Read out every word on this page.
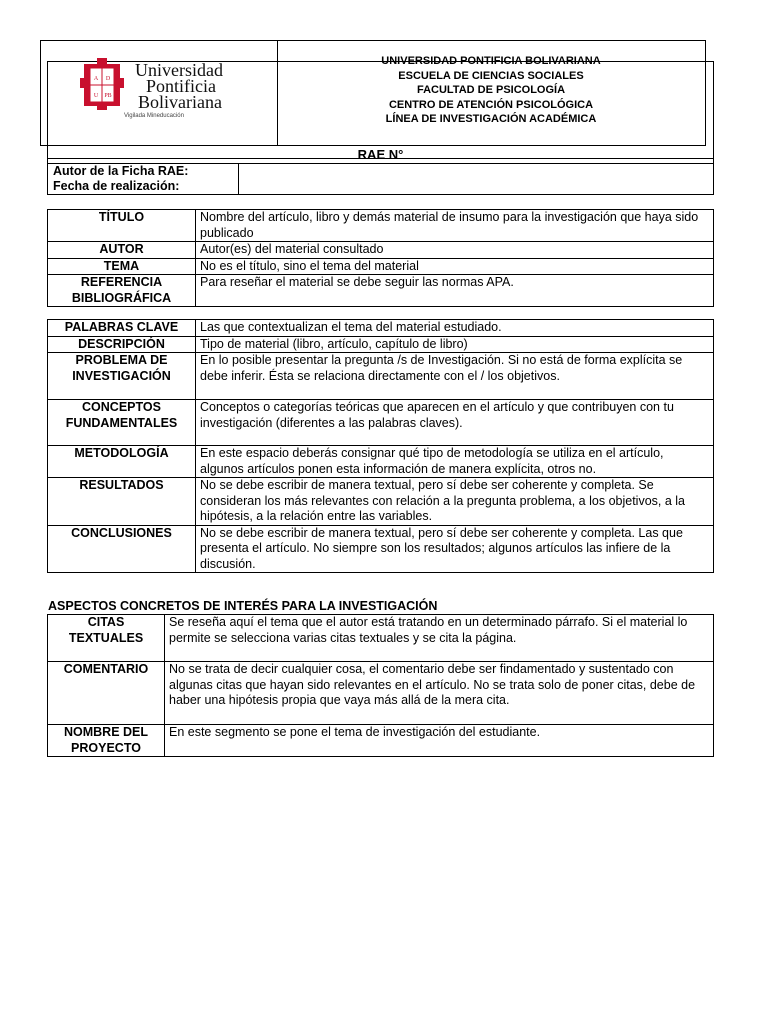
A D
U PB
Universidad
Pontificia
Bolivariana
Vigilada Mineducación
UNIVERSIDAD PONTIFICIA BOLIVARIANA
ESCUELA DE CIENCIAS SOCIALES
FACULTAD DE PSICOLOGÍA
CENTRO DE ATENCIÓN PSICOLÓGICA
LÍNEA DE INVESTIGACIÓN ACADÉMICA
RAE N°
Autor de la Ficha RAE:
Fecha de realización:

TÍTULO	Nombre del artículo, libro y demás material de insumo para la investigación que haya sido publicado
AUTOR	Autor(es) del material consultado
TEMA	No es el título, sino el tema del material
REFERENCIA BIBLIOGRÁFICA	Para reseñar el material se debe seguir las normas APA.
PALABRAS CLAVE	Las que contextualizan el tema del material estudiado.
DESCRIPCIÓN	Tipo de material (libro, artículo, capítulo de libro)
PROBLEMA DE INVESTIGACIÓN	En lo posible presentar la pregunta /s de Investigación. Si no está de forma explícita se debe inferir. Ésta se relaciona directamente con el / los objetivos.
CONCEPTOS FUNDAMENTALES	Conceptos o categorías teóricas que aparecen en el artículo y que contribuyen con tu investigación (diferentes a las palabras claves).
METODOLOGÍA	En este espacio deberás consignar qué tipo de metodología se utiliza en el artículo, algunos artículos ponen esta información de manera explícita, otros no.
RESULTADOS	No se debe escribir de manera textual, pero sí debe ser coherente y completa. Se consideran los más relevantes con relación a la pregunta problema, a los objetivos, a la hipótesis, a la relación entre las variables.
CONCLUSIONES	No se debe escribir de manera textual, pero sí debe ser coherente y completa. Las que presenta el artículo. No siempre son los resultados; algunos artículos las infiere de la discusión.
ASPECTOS CONCRETOS DE INTERÉS PARA LA INVESTIGACIÓN
CITAS TEXTUALES	Se reseña aquí el tema que el autor está tratando en un determinado párrafo. Si el material lo permite se selecciona varias citas textuales y se cita la página.
COMENTARIO	No se trata de decir cualquier cosa, el comentario debe ser findamentado y sustentado con algunas citas que hayan sido relevantes en el artículo. No se trata solo de poner citas, debe de haber una hipótesis propia que vaya más allá de la mera cita.
NOMBRE DEL PROYECTO	En este segmento se pone el tema de investigación del estudiante.
